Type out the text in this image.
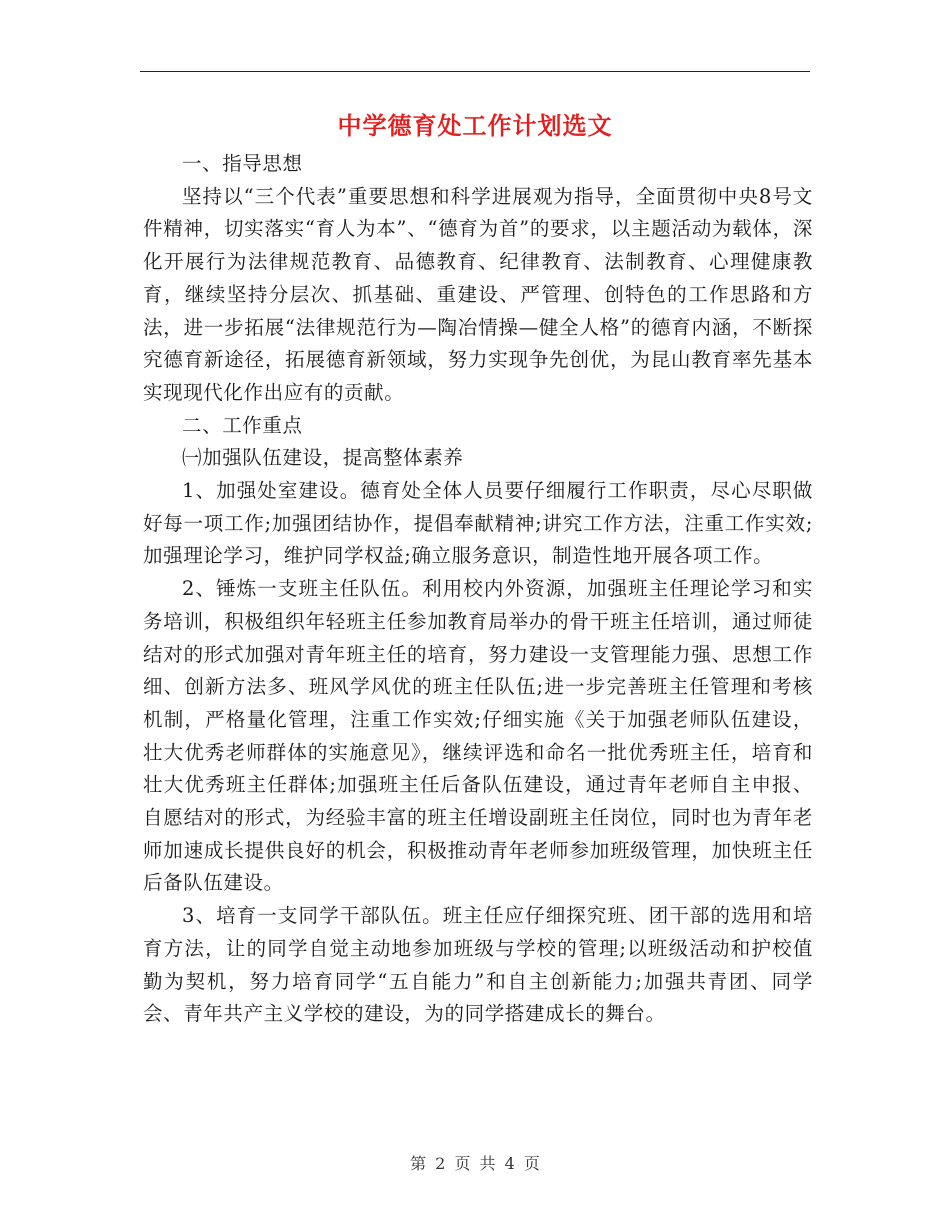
中学德育处工作计划选文

一、指导思想

坚持以“三个代表”重要思想和科学进展观为指导，全面贯彻中央8号文件精神，切实落实“育人为本”、“德育为首”的要求，以主题活动为载体，深化开展行为法律规范教育、品德教育、纪律教育、法制教育、心理健康教育，继续坚持分层次、抓基础、重建设、严管理、创特色的工作思路和方法，进一步拓展“法律规范行为—陶冶情操—健全人格”的德育内涵，不断探究德育新途径，拓展德育新领域，努力实现争先创优，为昆山教育率先基本实现现代化作出应有的贡献。

二、工作重点

㈠加强队伍建设，提高整体素养

1、加强处室建设。德育处全体人员要仔细履行工作职责，尽心尽职做好每一项工作;加强团结协作，提倡奉献精神;讲究工作方法，注重工作实效;加强理论学习，维护同学权益;确立服务意识，制造性地开展各项工作。

2、锤炼一支班主任队伍。利用校内外资源，加强班主任理论学习和实务培训，积极组织年轻班主任参加教育局举办的骨干班主任培训，通过师徒结对的形式加强对青年班主任的培育，努力建设一支管理能力强、思想工作细、创新方法多、班风学风优的班主任队伍;进一步完善班主任管理和考核机制，严格量化管理，注重工作实效;仔细实施《关于加强老师队伍建设，壮大优秀老师群体的实施意见》，继续评选和命名一批优秀班主任，培育和壮大优秀班主任群体;加强班主任后备队伍建设，通过青年老师自主申报、自愿结对的形式，为经验丰富的班主任增设副班主任岗位，同时也为青年老师加速成长提供良好的机会，积极推动青年老师参加班级管理，加快班主任后备队伍建设。

3、培育一支同学干部队伍。班主任应仔细探究班、团干部的选用和培育方法，让的同学自觉主动地参加班级与学校的管理;以班级活动和护校值勤为契机，努力培育同学“五自能力”和自主创新能力;加强共青团、同学会、青年共产主义学校的建设，为的同学搭建成长的舞台。

第 2 页 共 4 页
